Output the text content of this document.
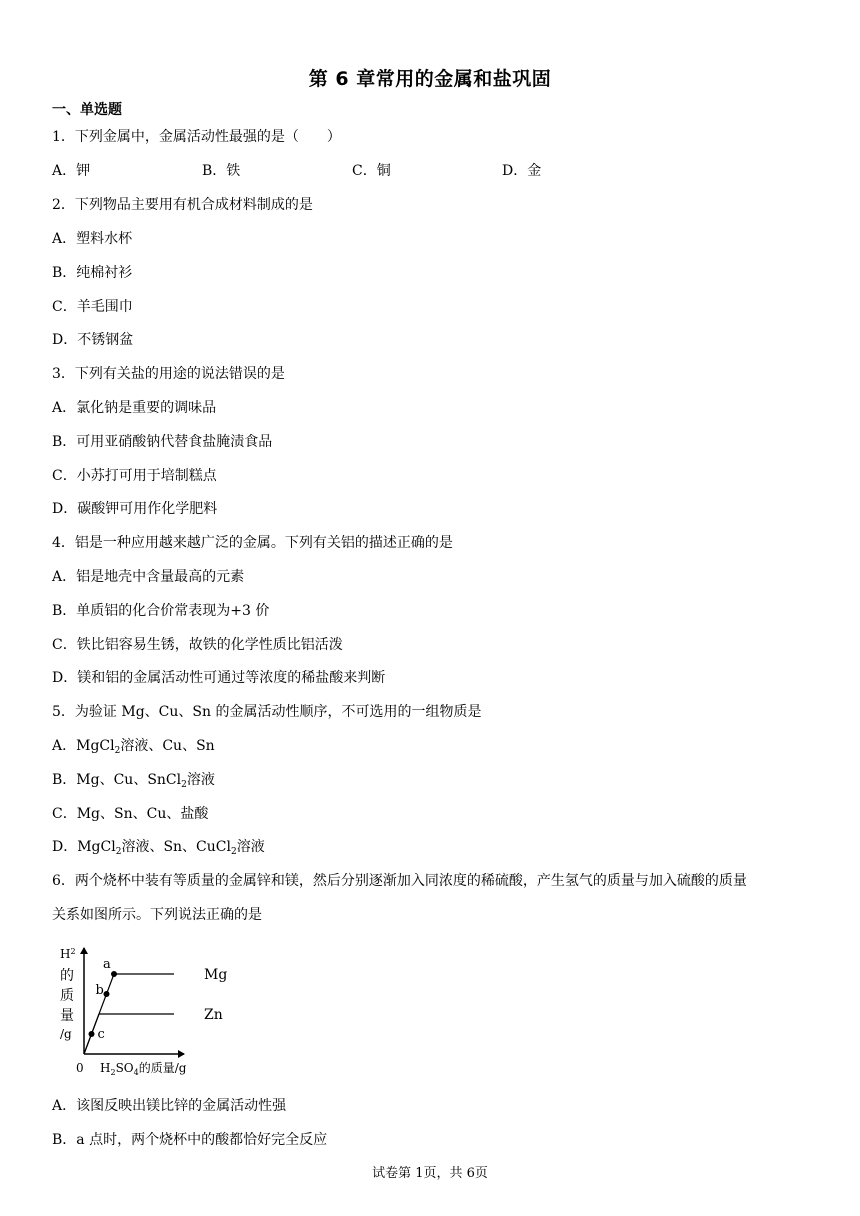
第 6 章常用的金属和盐巩固
一、单选题
1．下列金属中，金属活动性最强的是（　　）
A．钾	B．铁	C．铜	D．金
2．下列物品主要用有机合成材料制成的是
A．塑料水杯
B．纯棉衬衫
C．羊毛围巾
D．不锈钢盆
3．下列有关盐的用途的说法错误的是
A．氯化钠是重要的调味品
B．可用亚硝酸钠代替食盐腌渍食品
C．小苏打可用于培制糕点
D．碳酸钾可用作化学肥料
4．铝是一种应用越来越广泛的金属。下列有关铝的描述正确的是
A．铝是地壳中含量最高的元素
B．单质铝的化合价常表现为+3 价
C．铁比铝容易生锈，故铁的化学性质比铝活泼
D．镁和铝的金属活动性可通过等浓度的稀盐酸来判断
5．为验证 Mg、Cu、Sn 的金属活动性顺序，不可选用的一组物质是
A．MgCl$_2$溶液、Cu、Sn
B．Mg、Cu、SnCl$_2$溶液
C．Mg、Sn、Cu、盐酸
D．MgCl$_2$溶液、Sn、CuCl$_2$溶液
6．两个烧杯中装有等质量的金属锌和镁，然后分别逐渐加入同浓度的稀硫酸，产生氢气的质量与加入硫酸的质量
关系如图所示。下列说法正确的是
$H^2$
的
质
量
/g
Mg
Zn
a
b
c
0 $H_2SO_4$的质量/g
A．该图反映出镁比锌的金属活动性强
B．a 点时，两个烧杯中的酸都恰好完全反应
试卷第 1页，共 6页
